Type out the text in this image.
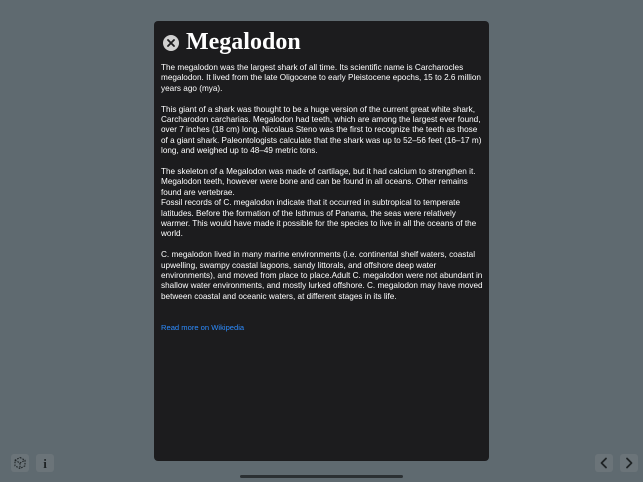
Megalodon

The megalodon was the largest shark of all time. Its scientific name is Carcharocles megalodon. It lived from the late Oligocene to early Pleistocene epochs, 15 to 2.6 million years ago (mya).

This giant of a shark was thought to be a huge version of the current great white shark, Carcharodon carcharias. Megalodon had teeth, which are among the largest ever found, over 7 inches (18 cm) long. Nicolaus Steno was the first to recognize the teeth as those of a giant shark. Paleontologists calculate that the shark was up to 52–56 feet (16–17 m) long, and weighed up to 48–49 metric tons.

The skeleton of a Megalodon was made of cartilage, but it had calcium to strengthen it. Megalodon teeth, however were bone and can be found in all oceans. Other remains found are vertebrae.
Fossil records of C. megalodon indicate that it occurred in subtropical to temperate latitudes. Before the formation of the Isthmus of Panama, the seas were relatively warmer. This would have made it possible for the species to live in all the oceans of the world.

C. megalodon lived in many marine environments (i.e. continental shelf waters, coastal upwelling, swampy coastal lagoons, sandy littorals, and offshore deep water environments), and moved from place to place.Adult C. megalodon were not abundant in shallow water environments, and mostly lurked offshore. C. megalodon may have moved between coastal and oceanic waters, at different stages in its life.

Read more on Wikipedia
i
